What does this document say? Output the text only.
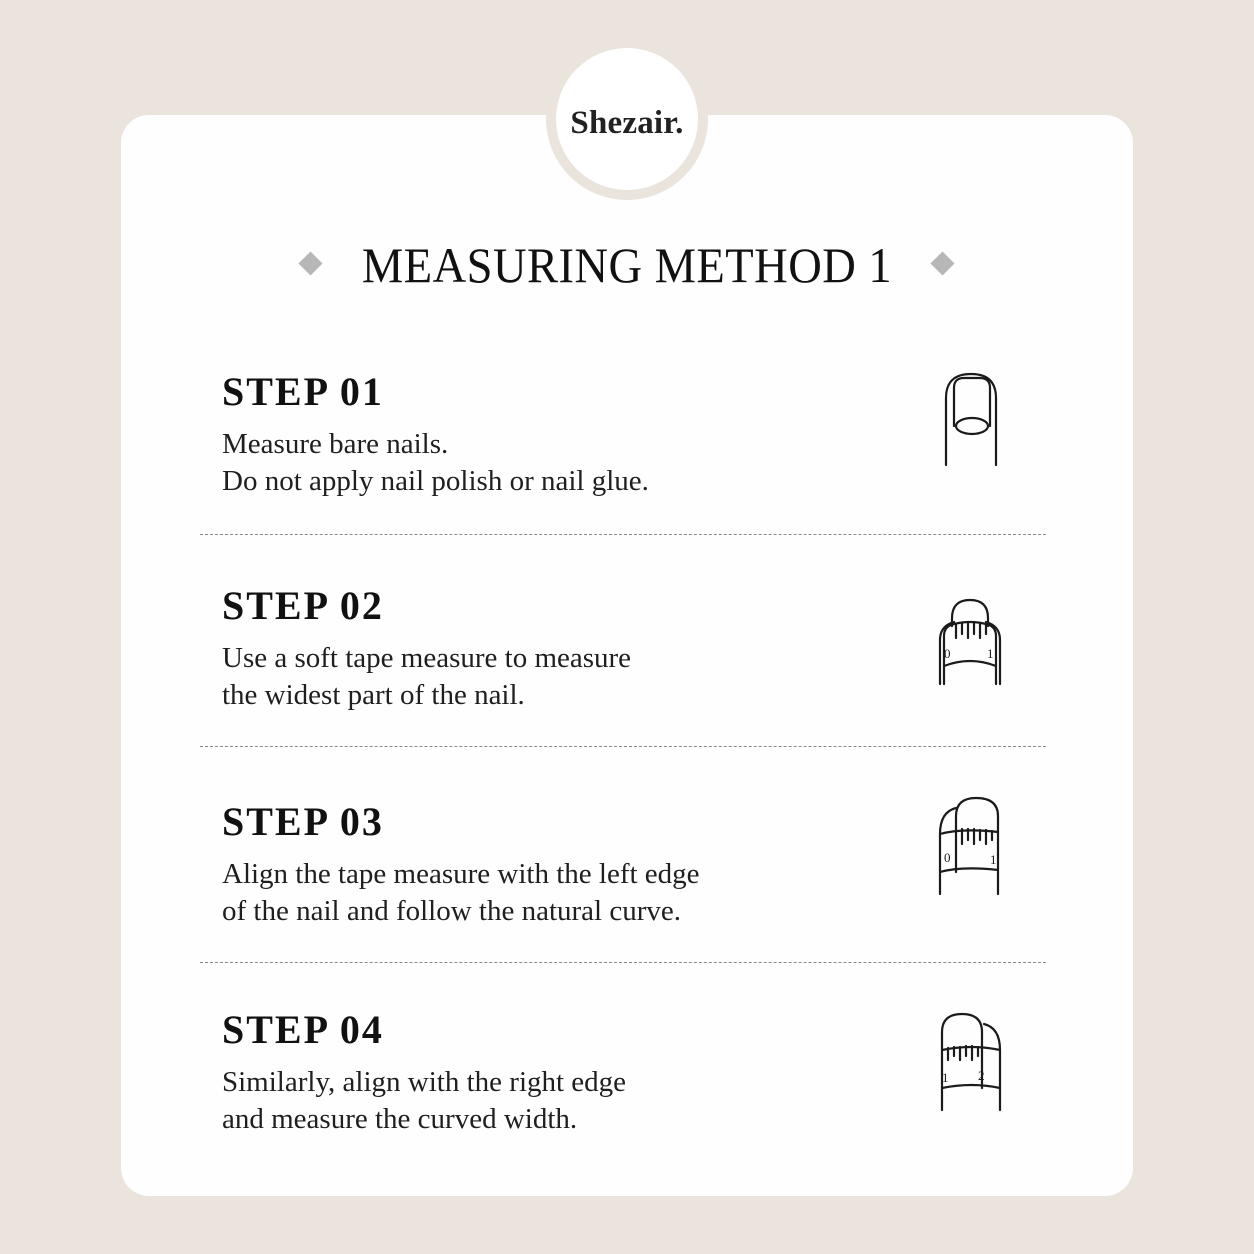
Shezair.
MEASURING METHOD 1
STEP 01
Measure bare nails.
Do not apply nail polish or nail glue.
STEP 02
Use a soft tape measure to measure
the widest part of the nail.
0	1
STEP 03
Align the tape measure with the left edge
of the nail and follow the natural curve.
0	1
STEP 04
Similarly, align with the right edge
and measure the curved width.
1 2
